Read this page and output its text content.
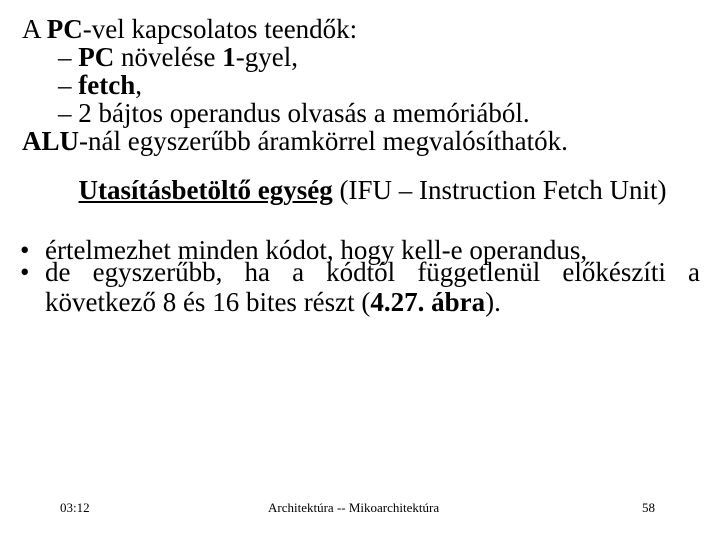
A PC-vel kapcsolatos teendők:
– PC növelése 1-gyel,
– fetch,
– 2 bájtos operandus olvasás a memóriából.
ALU-nál egyszerűbb áramkörrel megvalósíthatók.
Utasításbetöltő egység (IFU – Instruction Fetch Unit)
• értelmezhet minden kódot, hogy kell-e operandus,
• de egyszerűbb, ha a kódtól függetlenül előkészíti a következő 8 és 16 bites részt (4.27. ábra).
03:12	Architektúra -- Mikoarchitektúra	58
